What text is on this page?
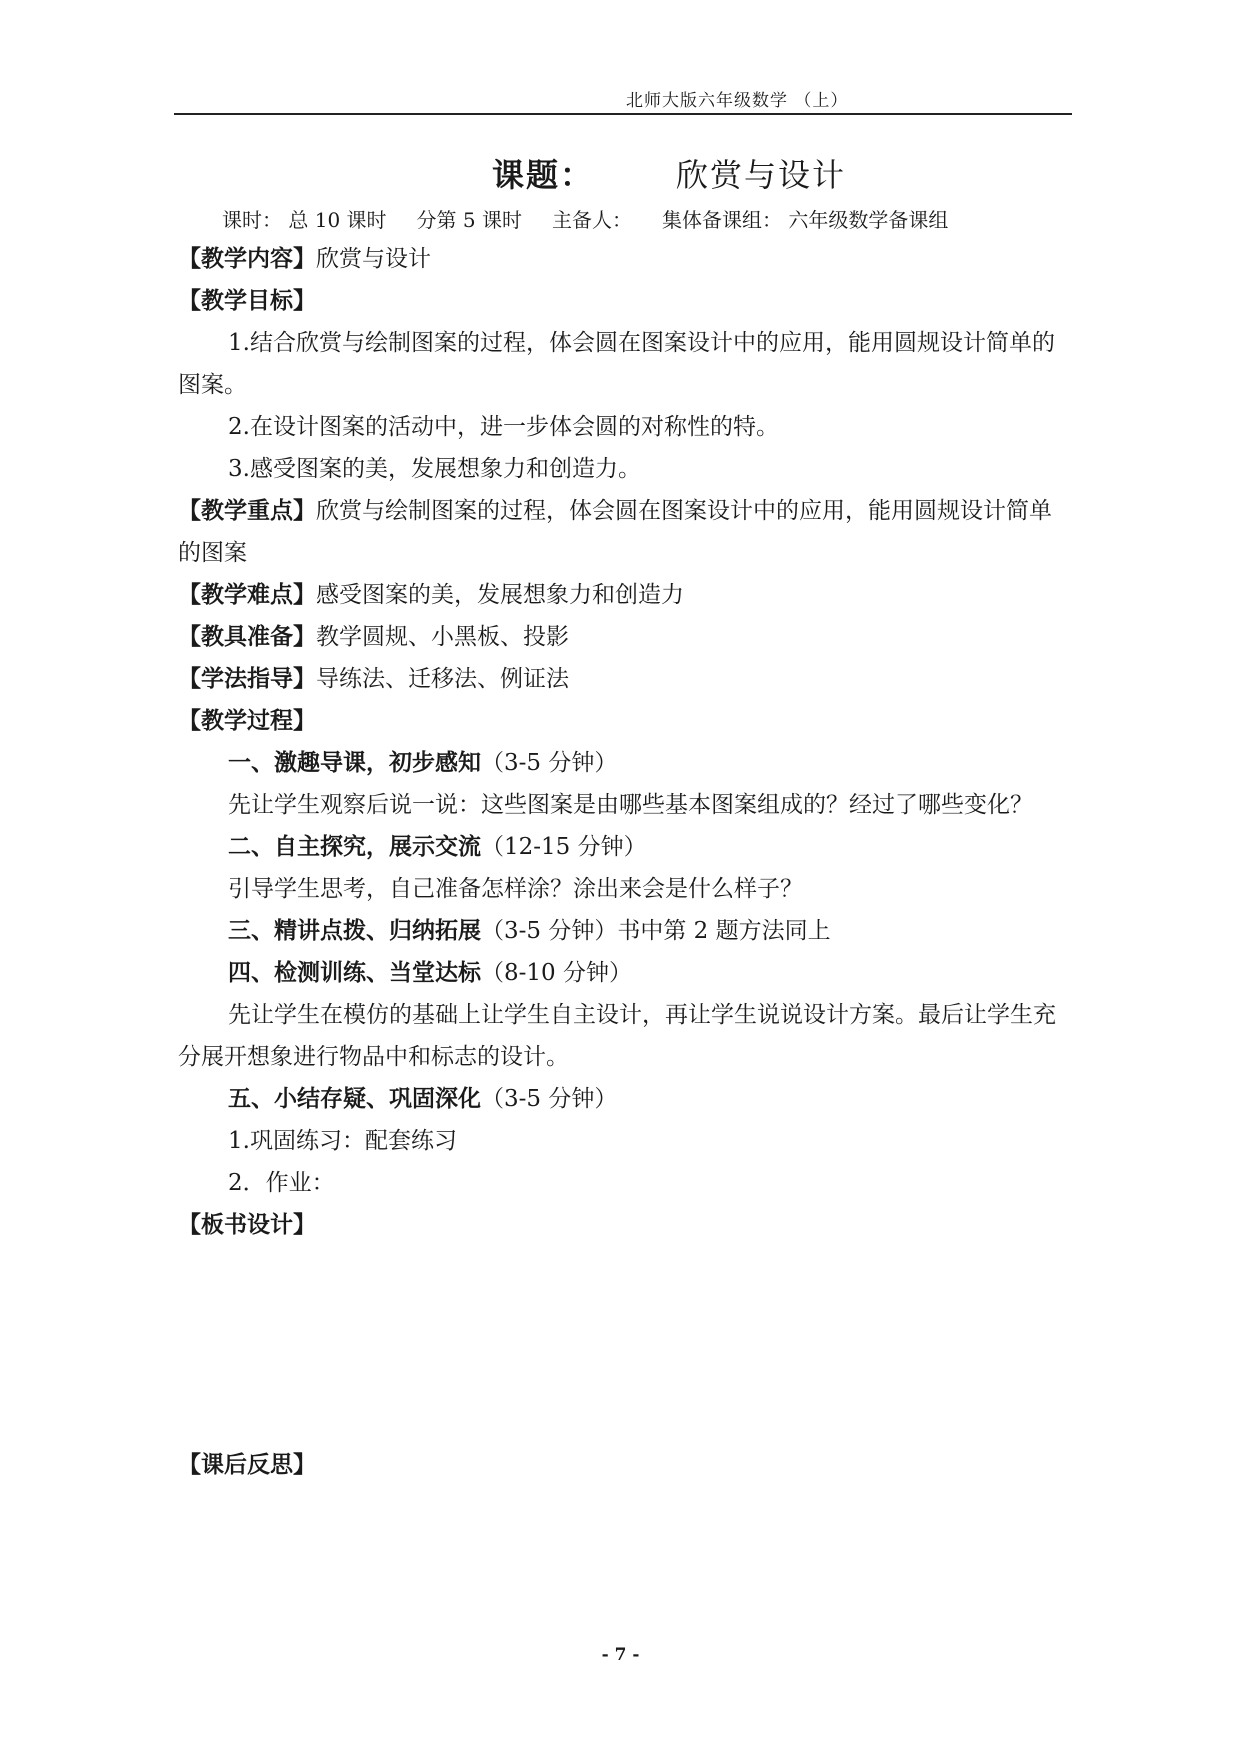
北师大版六年级数学 （上）
课题：	欣赏与设计
课时： 总 10 课时 分第 5 课时 主备人： 集体备课组： 六年级数学备课组

【教学内容】欣赏与设计

【教学目标】

1.结合欣赏与绘制图案的过程，体会圆在图案设计中的应用，能用圆规设计简单的图案。

2.在设计图案的活动中，进一步体会圆的对称性的特。

3.感受图案的美，发展想象力和创造力。

【教学重点】欣赏与绘制图案的过程，体会圆在图案设计中的应用，能用圆规设计简单的图案

【教学难点】感受图案的美，发展想象力和创造力

【教具准备】教学圆规、小黑板、投影

【学法指导】导练法、迁移法、例证法

【教学过程】

一、激趣导课，初步感知（3-5 分钟）

先让学生观察后说一说：这些图案是由哪些基本图案组成的？经过了哪些变化？

二、自主探究，展示交流（12-15 分钟）

引导学生思考，自己准备怎样涂？涂出来会是什么样子？

三、精讲点拨、归纳拓展（3-5 分钟）书中第 2 题方法同上

四、检测训练、当堂达标（8-10 分钟）

先让学生在模仿的基础上让学生自主设计，再让学生说说设计方案。最后让学生充分展开想象进行物品中和标志的设计。

五、小结存疑、巩固深化（3-5 分钟）

1.巩固练习：配套练习

2．作业：

【板书设计】

【课后反思】

- 7 -
